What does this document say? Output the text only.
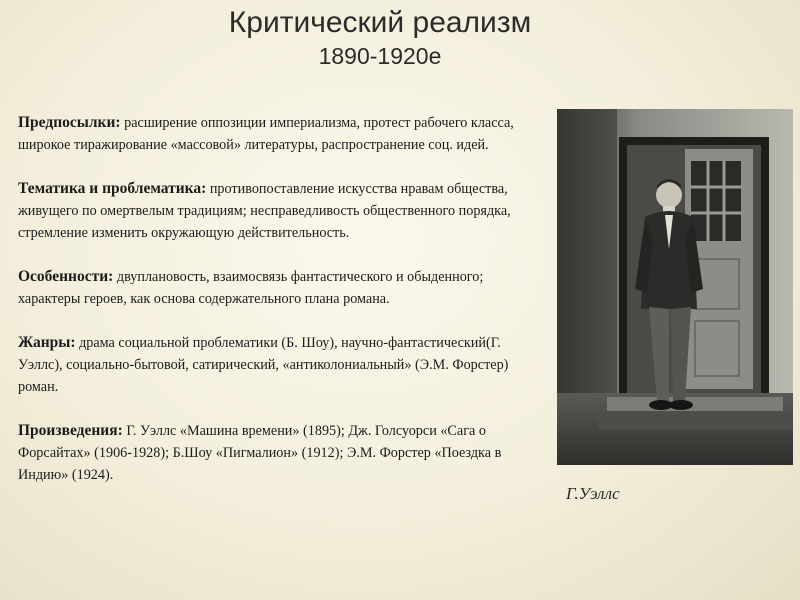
Критический реализм
1890-1920е

Предпосылки: расширение оппозиции империализма, протест рабочего класса, широкое тиражирование «массовой» литературы, распространение соц. идей.

Тематика и проблематика: противопоставление искусства нравам общества, живущего по омертвелым традициям; несправедливость общественного порядка, стремление изменить окружающую действительность.

Особенности: двуплановость, взаимосвязь фантастического и обыденного; характеры героев, как основа содержательного плана романа.

Жанры: драма социальной проблематики (Б. Шоу), научно-фантастический(Г. Уэллс), социально-бытовой, сатирический, «антиколониальный» (Э.М. Форстер) роман.

Произведения: Г. Уэллс «Машина времени» (1895); Дж. Голсуорси «Сага о Форсайтах» (1906-1928); Б.Шоу «Пигмалион» (1912); Э.М. Форстер «Поездка в Индию» (1924).

Г.Уэллс
